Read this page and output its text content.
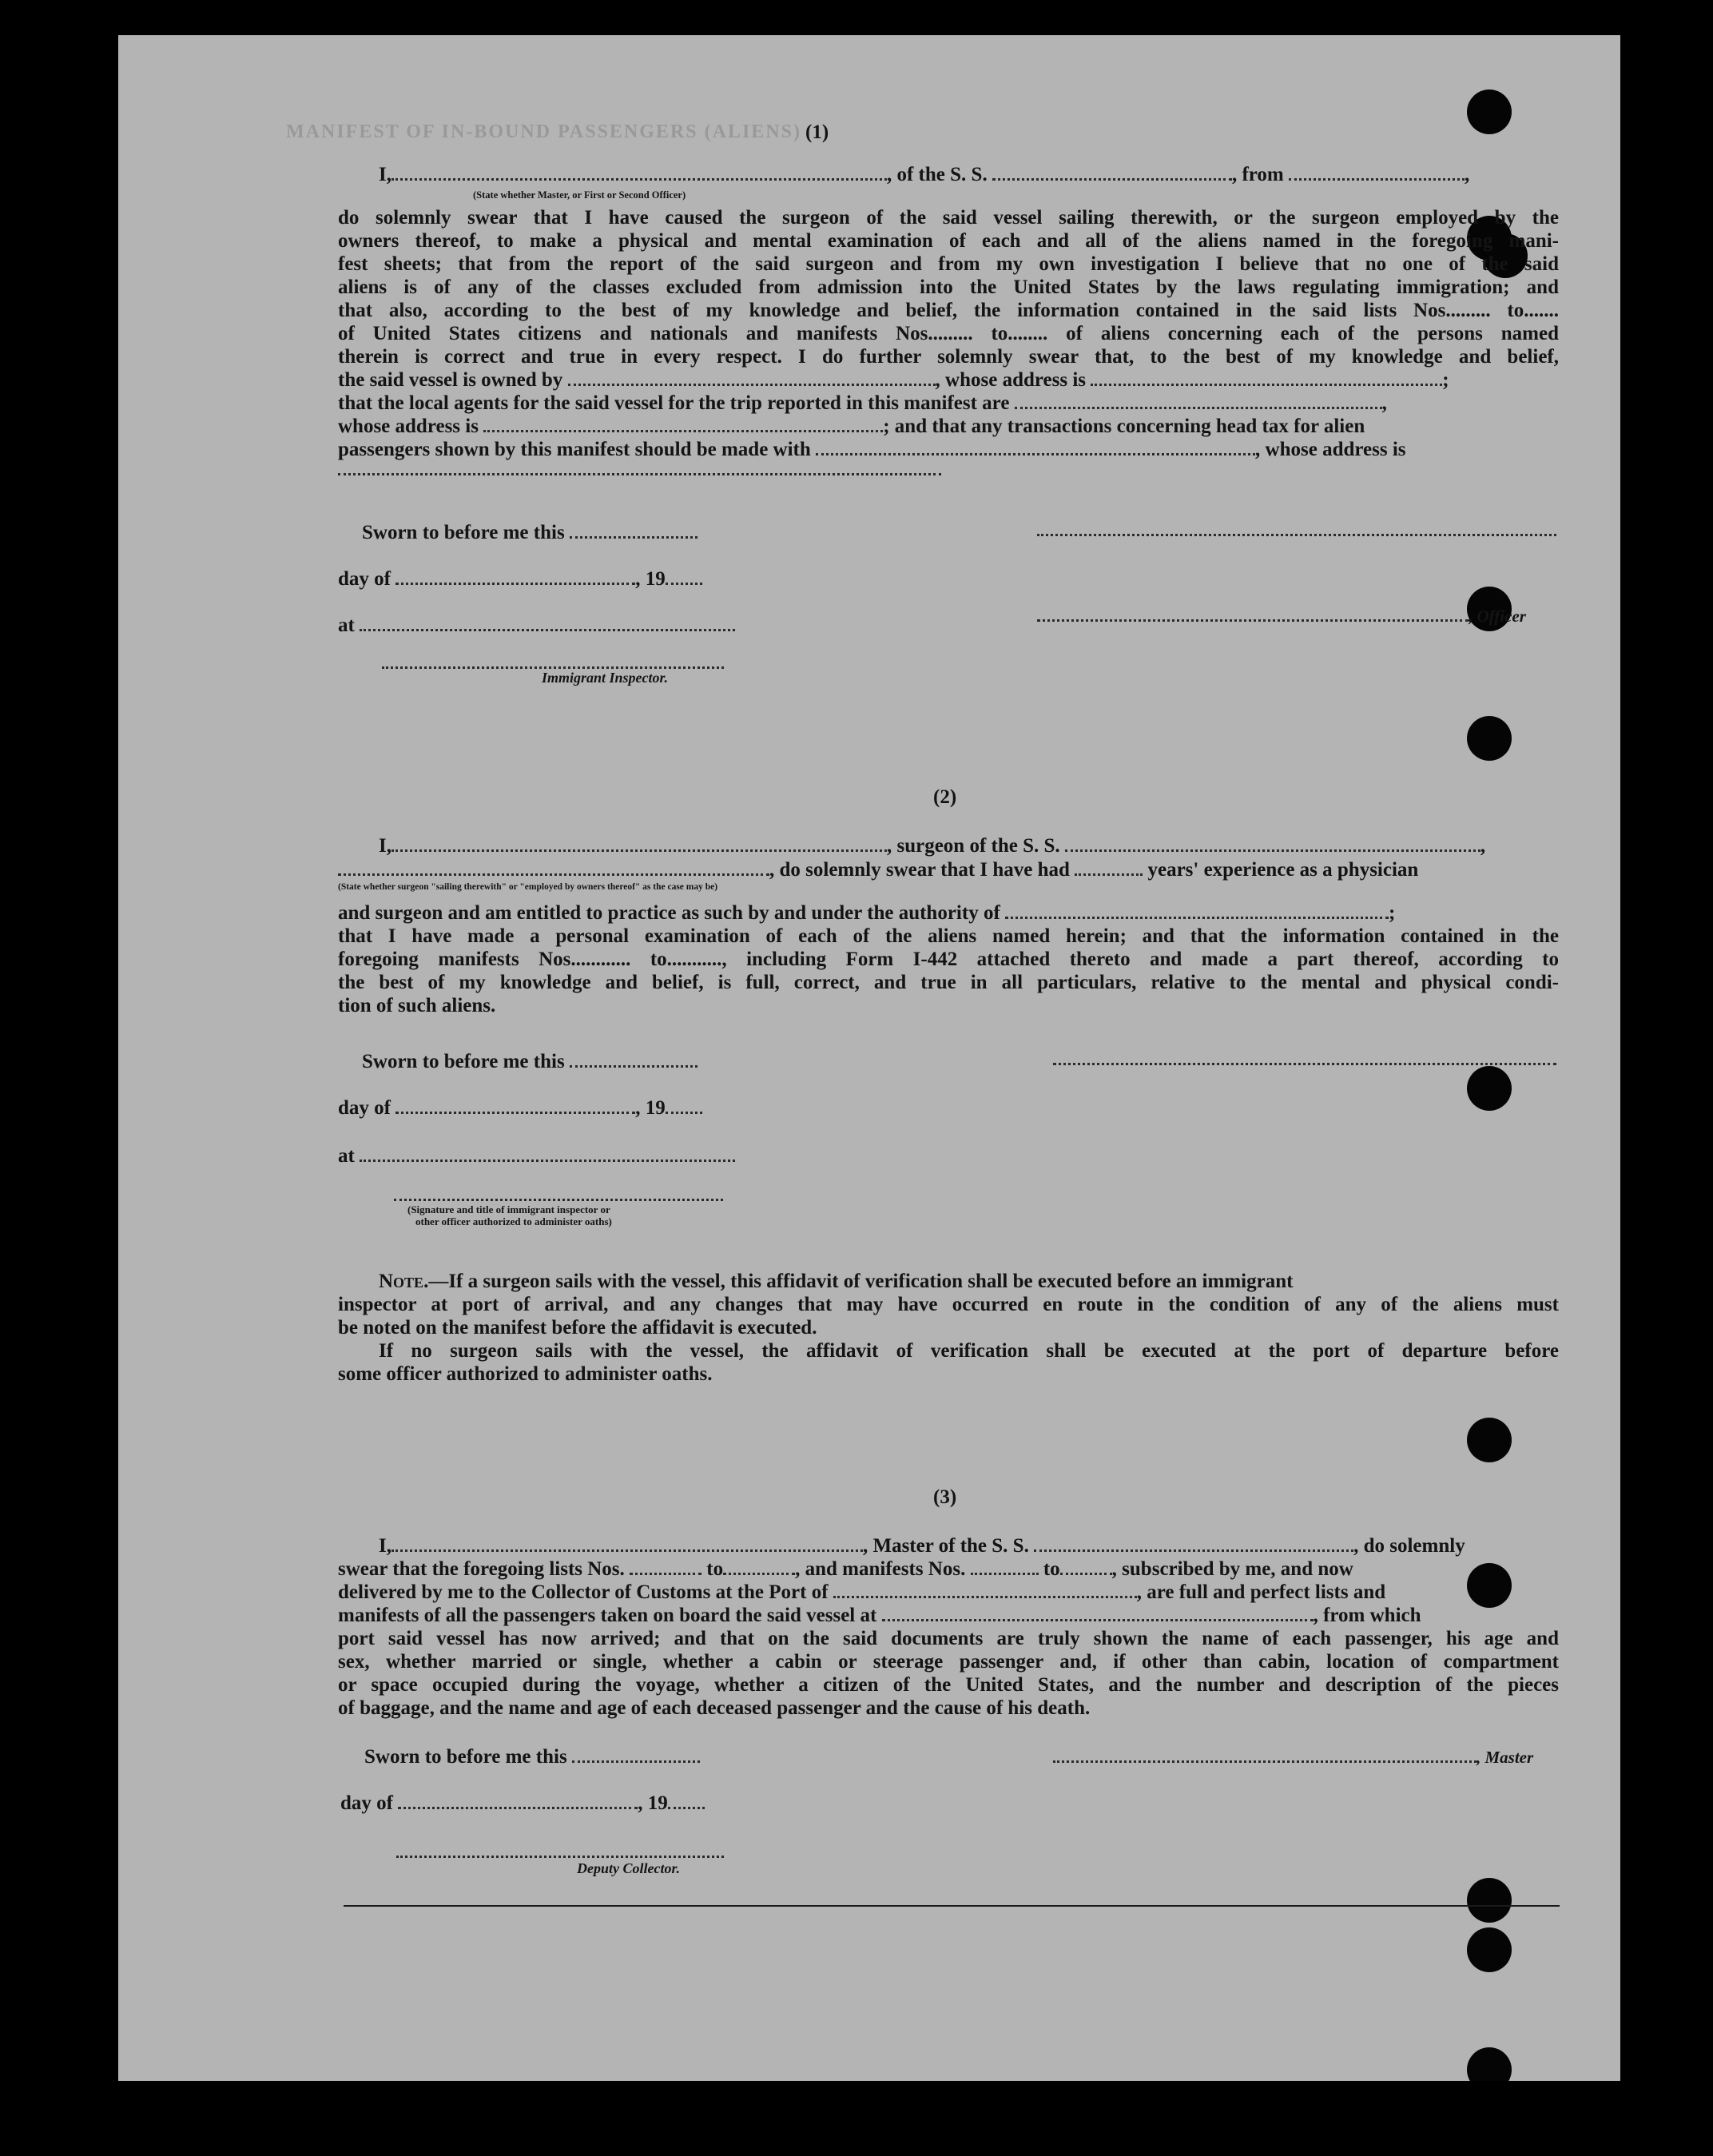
MANIFEST OF IN-BOUND PASSENGERS (ALIENS) (1)
I,	, of the S. S.	, from	,
(State whether Master, or First or Second Officer)
do solemnly swear that I have caused the surgeon of the said vessel sailing therewith, or the surgeon employed by the
owners thereof, to make a physical and mental examination of each and all of the aliens named in the foregoing mani-
fest sheets; that from the report of the said surgeon and from my own investigation I believe that no one of the said
aliens is of any of the classes excluded from admission into the United States by the laws regulating immigration; and
that also, according to the best of my knowledge and belief, the information contained in the said lists Nos......... to.......
of United States citizens and nationals and manifests Nos......... to........ of aliens concerning each of the persons named
therein is correct and true in every respect. I do further solemnly swear that, to the best of my knowledge and belief,
the said vessel is owned by	, whose address is	;
that the local agents for the said vessel for the trip reported in this manifest are	,
whose address is	; and that any transactions concerning head tax for alien
passengers shown by this manifest should be made with	, whose address is
Sworn to before me this
day of	, 19
, Officer
at
Immigrant Inspector.
(2)
I,	, surgeon of the S. S.	,
, do solemnly swear that I have had	years' experience as a physician
(State whether surgeon "sailing therewith" or "employed by owners thereof" as the case may be)
and surgeon and am entitled to practice as such by and under the authority of	;
that I have made a personal examination of each of the aliens named herein; and that the information contained in the
foregoing manifests Nos............ to..........., including Form I-442 attached thereto and made a part thereof, according to
the best of my knowledge and belief, is full, correct, and true in all particulars, relative to the mental and physical condi-
tion of such aliens.
Sworn to before me this
day of	, 19
at
(Signature and title of immigrant inspector or
other officer authorized to administer oaths)
Note.—If a surgeon sails with the vessel, this affidavit of verification shall be executed before an immigrant
inspector at port of arrival, and any changes that may have occurred en route in the condition of any of the aliens must
be noted on the manifest before the affidavit is executed.
If no surgeon sails with the vessel, the affidavit of verification shall be executed at the port of departure before
some officer authorized to administer oaths.
(3)
I,	, Master of the S. S.	, do solemnly
swear that the foregoing lists Nos.	to	, and manifests Nos.	to	, subscribed by me, and now
delivered by me to the Collector of Customs at the Port of	, are full and perfect lists and
manifests of all the passengers taken on board the said vessel at	, from which
port said vessel has now arrived; and that on the said documents are truly shown the name of each passenger, his age and
sex, whether married or single, whether a cabin or steerage passenger and, if other than cabin, location of compartment
or space occupied during the voyage, whether a citizen of the United States, and the number and description of the pieces
of baggage, and the name and age of each deceased passenger and the cause of his death.
Sworn to before me this	, Master
day of	, 19
Deputy Collector.
